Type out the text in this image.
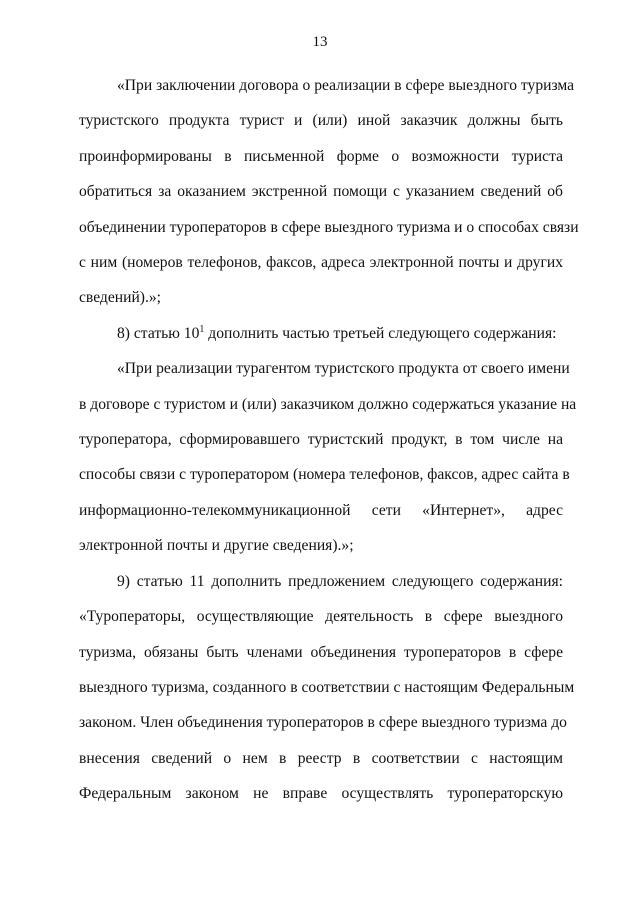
13
«При заключении договора о реализации в сфере выездного туризма
туристского продукта турист и (или) иной заказчик должны быть
проинформированы в письменной форме о возможности туриста
обратиться за оказанием экстренной помощи с указанием сведений об
объединении туроператоров в сфере выездного туризма и о способах связи
с ним (номеров телефонов, факсов, адреса электронной почты и других
сведений).»;
8) статью $10^1$ дополнить частью третьей следующего содержания:
«При реализации турагентом туристского продукта от своего имени
в договоре с туристом и (или) заказчиком должно содержаться указание на
туроператора, сформировавшего туристский продукт, в том числе на
способы связи с туроператором (номера телефонов, факсов, адрес сайта в
информационно-телекоммуникационной сети «Интернет», адрес
электронной почты и другие сведения).»;
9) статью 11 дополнить предложением следующего содержания:
«Туроператоры, осуществляющие деятельность в сфере выездного
туризма, обязаны быть членами объединения туроператоров в сфере
выездного туризма, созданного в соответствии с настоящим Федеральным
законом. Член объединения туроператоров в сфере выездного туризма до
внесения сведений о нем в реестр в соответствии с настоящим
Федеральным законом не вправе осуществлять туроператорскую
